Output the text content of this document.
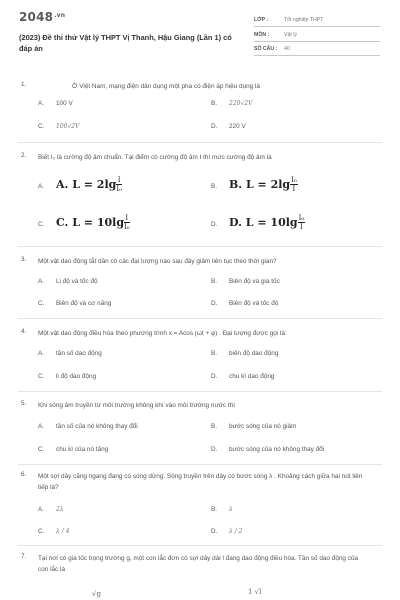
$2048^{.vn}$
(2023) Đề thi thử Vật lý THPT Vị Thanh, Hậu Giang (Lần 1) có đáp án
LỚP :	Tốt nghiệp THPT
MÔN :	Vật lý
SỐ CÂU : 40
1.	Ở Việt Nam, mạng điện dân dụng một pha có điện áp hiệu dụng là
A. 100 V	B. 220√2V
C. 100√2V	D. 220 V
2. Biết I₀ là cường độ âm chuẩn. Tại điểm có cường độ âm I thì mức cường độ âm là
A. A. $L = 2\lg \frac{I}{\text{I₀}}$	B. B. $L = 2\lg \frac{\text{I₀}}{I}$
C. C. $L = 10\lg \frac{I}{\text{I₀}}$	D. D. $L = 10\lg \frac{\text{I₀}}{I}$
3. Một vật dao động tắt dần có các đại lượng nào sau đây giảm liên tục theo thời gian?
A. Li độ và tốc độ	B. Biên độ và gia tốc
C. Biên độ và cơ năng	D. Biên độ và tốc độ
4. Một vật dao động điều hòa theo phương trình x = Acos (ωt + φ) . Đại lượng được gọi là:
A. tần số dao động	B. biên độ dao động
C. li độ dao động	D. chu kì dao động
5. Khi sóng âm truyền từ môi trường không khí vào môi trường nước thì
A. tần số của nó không thay đổi	B. bước sóng của nó giảm
C. chu kì của nó tăng	D. bước sóng của nó không thay đổi
6. Một sợi dây căng ngang đang có sóng dừng. Sóng truyền trên dây có bước sóng λ . Khoảng cách giữa hai nút liên tiếp là?
A. 2λ	B. λ
C. λ / 4	D. λ / 2
7. Tại nơi có gia tốc trọng trường g, một con lắc đơn có sợi dây dài l đang dao động điều hòa. Tần số dao động của con lắc là
√g	1 √l
